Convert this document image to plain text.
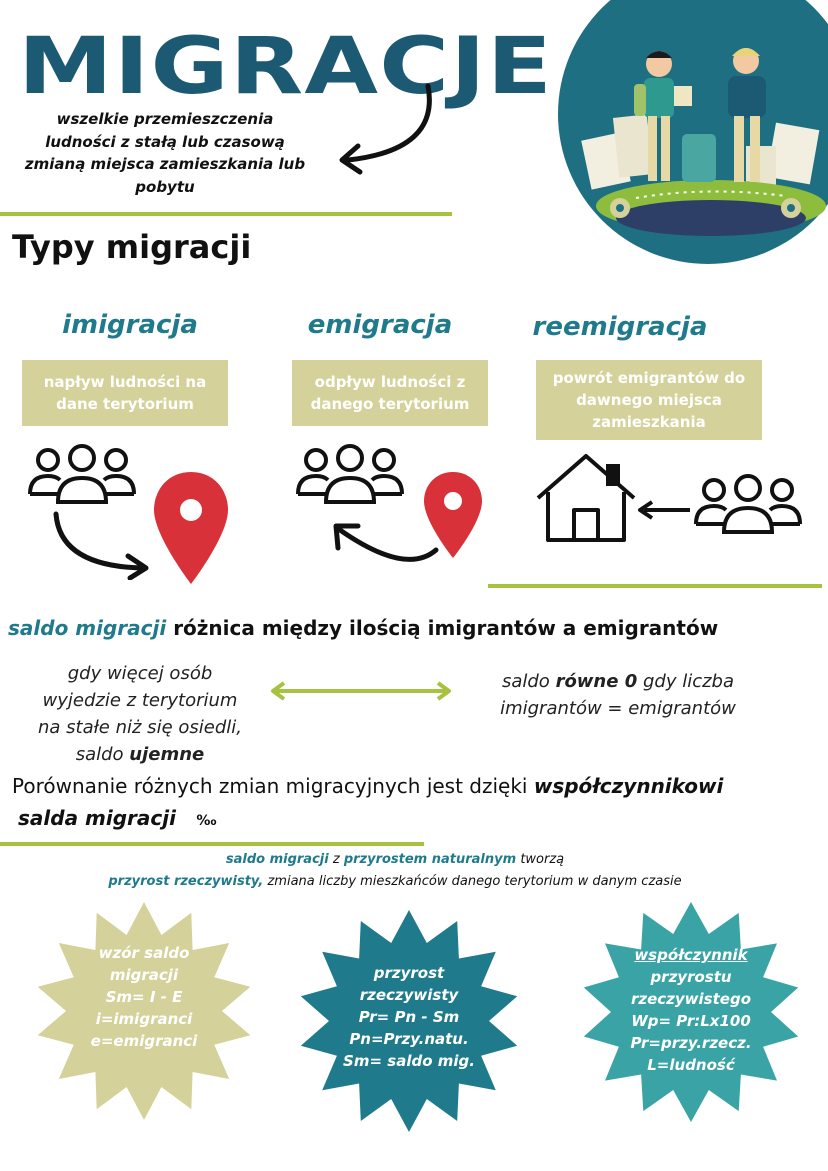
MIGRACJE
wszelkie przemieszczenia
ludności z stałą lub czasową
zmianą miejsca zamieszkania lub
pobytu
Typy migracji
imigracja	emigracja	reemigracja
napływ ludności na dane terytorium
odpływ ludności z danego terytorium
powrót emigrantów do dawnego miejsca zamieszkania
saldo migracji różnica między ilością imigrantów a emigrantów
gdy więcej osób
wyjedzie z terytorium
na stałe niż się osiedli,
saldo ujemne
saldo równe 0 gdy liczba
imigrantów = emigrantów
Porównanie różnych zmian migracyjnych jest dzięki współczynnikowi
salda migracji ‰
saldo migracji z przyrostem naturalnym tworzą
przyrost rzeczywisty, zmiana liczby mieszkańców danego terytorium w danym czasie
wzór saldo
migracji
Sm= I - E
i=imigranci
e=emigranci
przyrost
rzeczywisty
Pr= Pn - Sm
Pn=Przy.natu.
Sm= saldo mig.
współczynnik
przyrostu
rzeczywistego
Wp= Pr:Lx100
Pr=przy.rzecz.
L=ludność
